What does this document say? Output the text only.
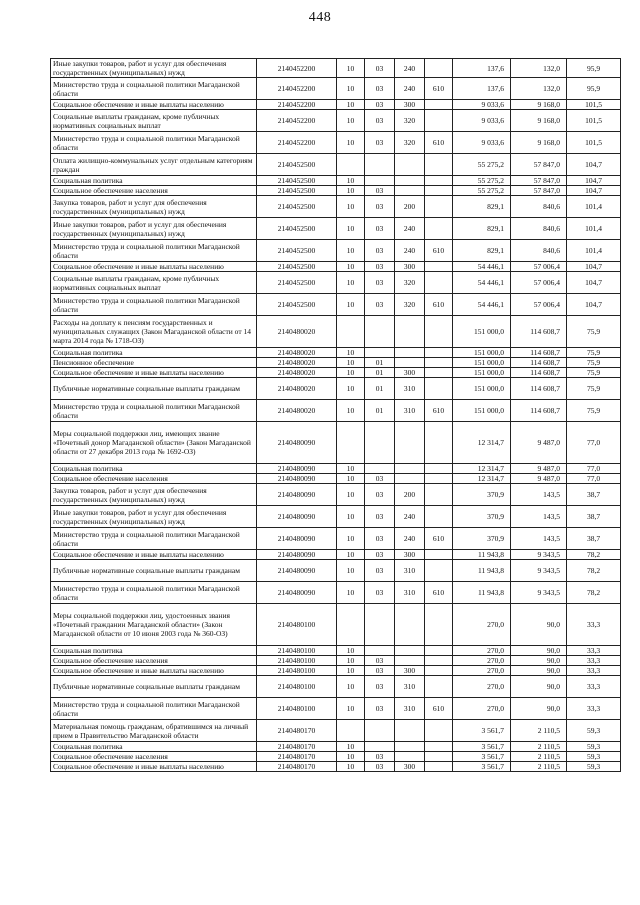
448
Иные закупки товаров, работ и услуг для обеспечения государственных (муниципальных) нужд	2140452200	10	03	240		137,6	132,0	95,9
Министерство труда и социальной политики Магаданской области	2140452200	10	03	240	610	137,6	132,0	95,9
Социальное обеспечение и иные выплаты населению	2140452200	10	03	300		9 033,6	9 168,0	101,5
Социальные выплаты гражданам, кроме публичных нормативных социальных выплат	2140452200	10	03	320		9 033,6	9 168,0	101,5
Министерство труда и социальной политики Магаданской области	2140452200	10	03	320	610	9 033,6	9 168,0	101,5
Оплата жилищно-коммунальных услуг отдельным категориям граждан	2140452500					55 275,2	57 847,0	104,7
Социальная политика	2140452500	10				55 275,2	57 847,0	104,7
Социальное обеспечение населения	2140452500	10	03			55 275,2	57 847,0	104,7
Закупка товаров, работ и услуг для обеспечения государственных (муниципальных) нужд	2140452500	10	03	200		829,1	840,6	101,4
Иные закупки товаров, работ и услуг для обеспечения государственных (муниципальных) нужд	2140452500	10	03	240		829,1	840,6	101,4
Министерство труда и социальной политики Магаданской области	2140452500	10	03	240	610	829,1	840,6	101,4
Социальное обеспечение и иные выплаты населению	2140452500	10	03	300		54 446,1	57 006,4	104,7
Социальные выплаты гражданам, кроме публичных нормативных социальных выплат	2140452500	10	03	320		54 446,1	57 006,4	104,7
Министерство труда и социальной политики Магаданской области	2140452500	10	03	320	610	54 446,1	57 006,4	104,7
Расходы на доплату к пенсиям государственных и муниципальных служащих (Закон Магаданской области от 14 марта 2014 года № 1718-ОЗ)	2140480020					151 000,0	114 608,7	75,9
Социальная политика	2140480020	10				151 000,0	114 608,7	75,9
Пенсионное обеспечение	2140480020	10	01			151 000,0	114 608,7	75,9
Социальное обеспечение и иные выплаты населению	2140480020	10	01	300		151 000,0	114 608,7	75,9
Публичные нормативные социальные выплаты гражданам	2140480020	10	01	310		151 000,0	114 608,7	75,9
Министерство труда и социальной политики Магаданской области	2140480020	10	01	310	610	151 000,0	114 608,7	75,9
Меры социальной поддержки лиц, имеющих звание «Почетный донор Магаданской области» (Закон Магаданской области от 27 декабря 2013 года № 1692-ОЗ)	2140480090					12 314,7	9 487,0	77,0
Социальная политика	2140480090	10				12 314,7	9 487,0	77,0
Социальное обеспечение населения	2140480090	10	03			12 314,7	9 487,0	77,0
Закупка товаров, работ и услуг для обеспечения государственных (муниципальных) нужд	2140480090	10	03	200		370,9	143,5	38,7
Иные закупки товаров, работ и услуг для обеспечения государственных (муниципальных) нужд	2140480090	10	03	240		370,9	143,5	38,7
Министерство труда и социальной политики Магаданской области	2140480090	10	03	240	610	370,9	143,5	38,7
Социальное обеспечение и иные выплаты населению	2140480090	10	03	300		11 943,8	9 343,5	78,2
Публичные нормативные социальные выплаты гражданам	2140480090	10	03	310		11 943,8	9 343,5	78,2
Министерство труда и социальной политики Магаданской области	2140480090	10	03	310	610	11 943,8	9 343,5	78,2
Меры социальной поддержки лиц, удостоенных звания «Почетный гражданин Магаданской области» (Закон Магаданской области от 10 июня 2003 года № 360-ОЗ)	2140480100					270,0	90,0	33,3
Социальная политика	2140480100	10				270,0	90,0	33,3
Социальное обеспечение населения	2140480100	10	03			270,0	90,0	33,3
Социальное обеспечение и иные выплаты населению	2140480100	10	03	300		270,0	90,0	33,3
Публичные нормативные социальные выплаты гражданам	2140480100	10	03	310		270,0	90,0	33,3
Министерство труда и социальной политики Магаданской области	2140480100	10	03	310	610	270,0	90,0	33,3
Материальная помощь гражданам, обратившимся на личный прием в Правительство Магаданской области	2140480170					3 561,7	2 110,5	59,3
Социальная политика	2140480170	10				3 561,7	2 110,5	59,3
Социальное обеспечение населения	2140480170	10	03			3 561,7	2 110,5	59,3
Социальное обеспечение и иные выплаты населению	2140480170	10	03	300		3 561,7	2 110,5	59,3
